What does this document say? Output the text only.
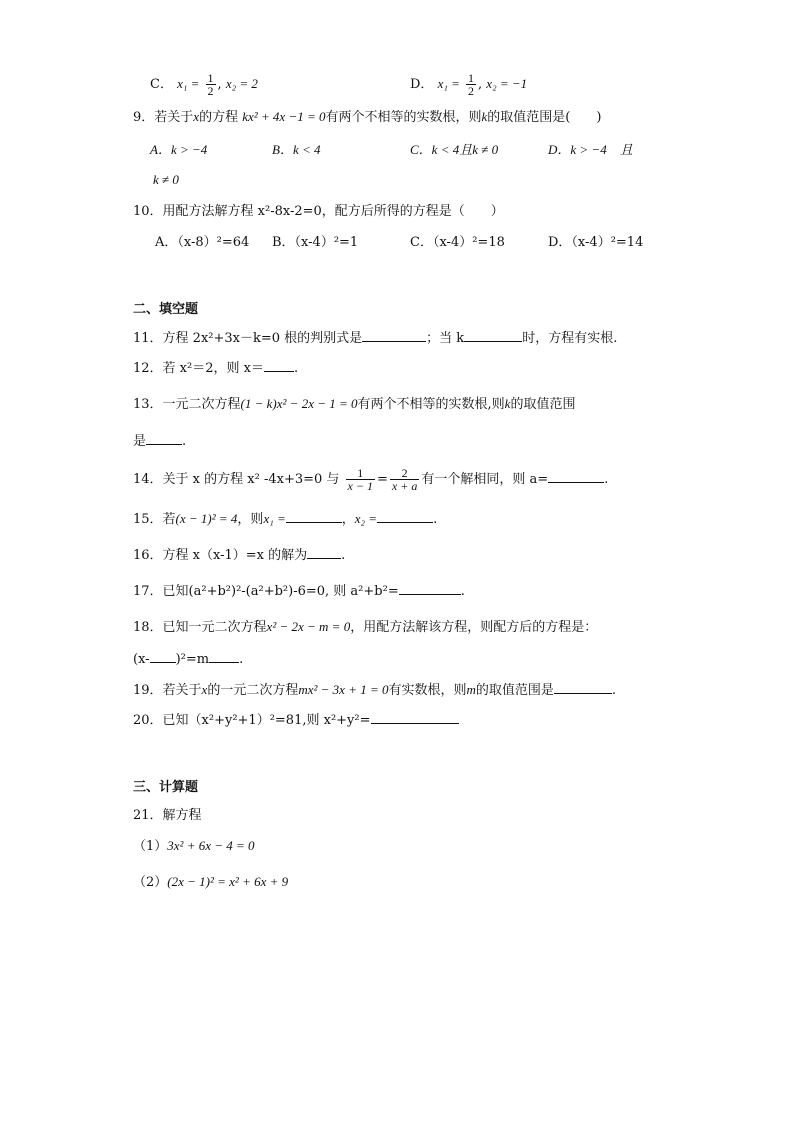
C． $x_1 = \frac{1}{2}$ , x₂ = 2	D． $x_1 = \frac{1}{2}$ , x₂ = −1
9．若关于x的方程 kx² + 4x −1 = 0有两个不相等的实数根，则k的取值范围是(　　)
A．k > −4	B．k < 4	C．k < 4且k ≠ 0	D．k > −4　且
k ≠ 0
10．用配方法解方程 x²-8x-2=0，配方后所得的方程是（　　）
A．（x-8）²=64 B．（x-4）²=1	C．（x-4）²=18	D．（x-4）²=14
二、填空题
11．方程 2x²+3x－k=0 根的判别式是	；当 k	时，方程有实根.
12．若 x²＝2，则 x＝ .
13．一元二次方程(1 − k)x² − 2x − 1 = 0有两个不相等的实数根,则k的取值范围
是	.
14．关于 x 的方程 x² -4x+3=0 与 $\frac{1}{x - 1} = \frac{2}{x + a}$ 有一个解相同，则 a=	.
15．若(x − 1)² = 4，则x₁ =	，x₂ =	.
16．方程 x（x-1）=x 的解为	.
17．已知(a²+b²)²-(a²+b²)-6=0, 则 a²+b²=	.
18．已知一元二次方程x² − 2x − m = 0，用配方法解该方程，则配方后的方程是：
(x- )²=m .
19．若关于x的一元二次方程mx² − 3x + 1 = 0有实数根，则m的取值范围是	.
20．已知（x²+y²+1）²=81,则 x²+y²=
三、计算题
21．解方程
（1）3x² + 6x − 4 = 0
（2）(2x − 1)² = x² + 6x + 9
